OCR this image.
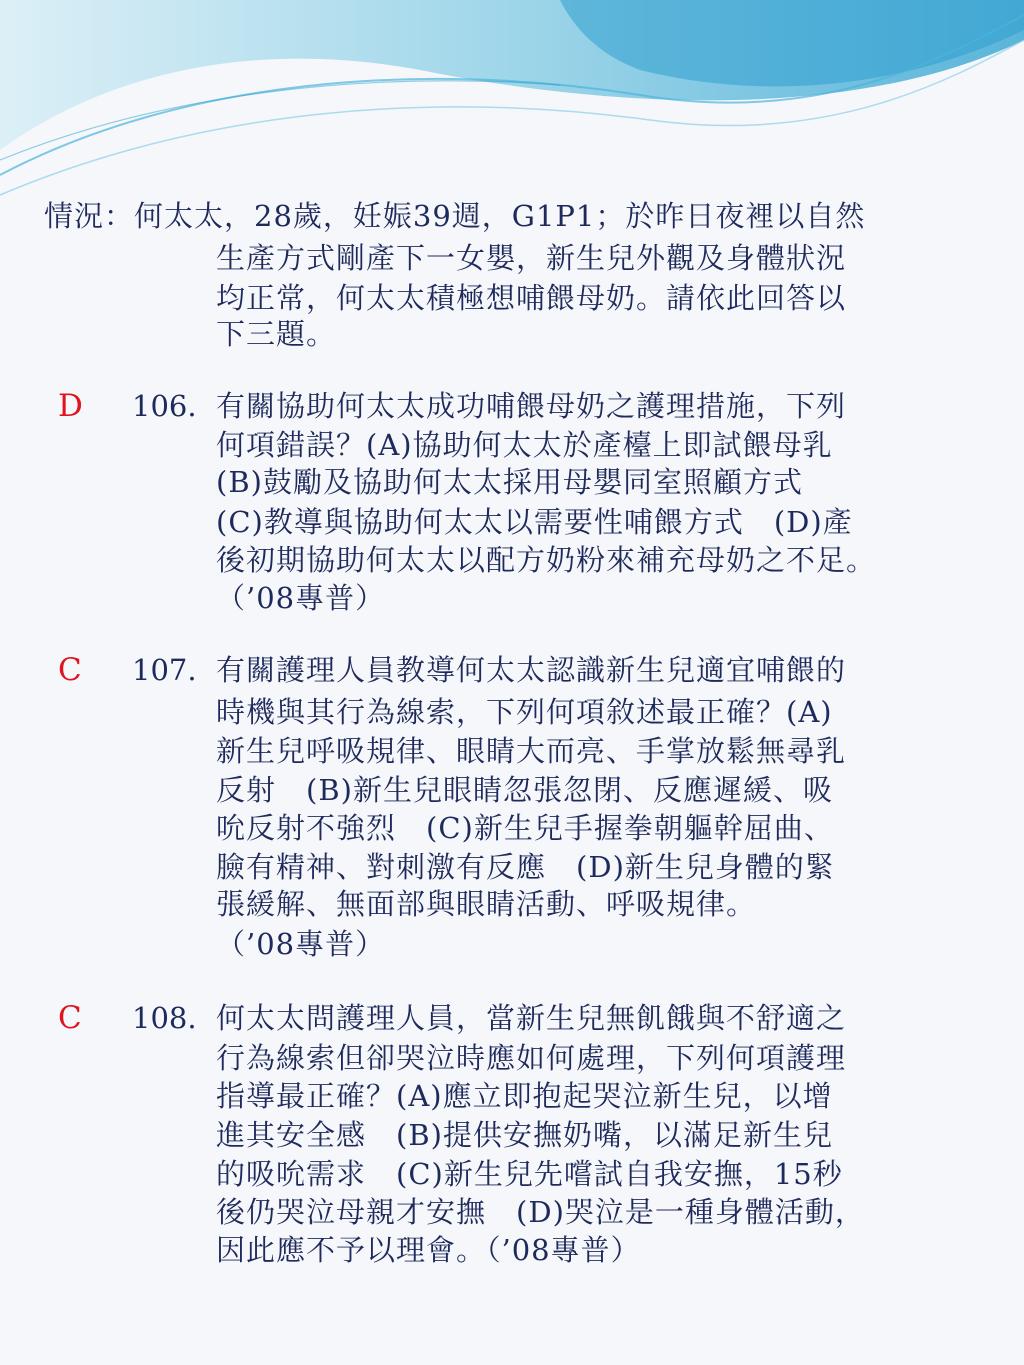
情況：何太太，28歲，妊娠39週，G1P1；於昨日夜裡以自然
生產方式剛產下一女嬰，新生兒外觀及身體狀況
均正常，何太太積極想哺餵母奶。請依此回答以
下三題。
D 106. 有關協助何太太成功哺餵母奶之護理措施，下列
何項錯誤？(A)協助何太太於產檯上即試餵母乳
(B)鼓勵及協助何太太採用母嬰同室照顧方式
(C)教導與協助何太太以需要性哺餵方式　(D)產
後初期協助何太太以配方奶粉來補充母奶之不足。
（’08專普）
C 107. 有關護理人員教導何太太認識新生兒適宜哺餵的
時機與其行為線索，下列何項敘述最正確？(A)
新生兒呼吸規律、眼睛大而亮、手掌放鬆無尋乳
反射　(B)新生兒眼睛忽張忽閉、反應遲緩、吸
吮反射不強烈　(C)新生兒手握拳朝軀幹屈曲、
臉有精神、對刺激有反應　(D)新生兒身體的緊
張緩解、無面部與眼睛活動、呼吸規律。
（’08專普）
C 108. 何太太問護理人員，當新生兒無飢餓與不舒適之
行為線索但卻哭泣時應如何處理，下列何項護理
指導最正確？(A)應立即抱起哭泣新生兒，以增
進其安全感　(B)提供安撫奶嘴，以滿足新生兒
的吸吮需求　(C)新生兒先嚐試自我安撫，15秒
後仍哭泣母親才安撫　(D)哭泣是一種身體活動，
因此應不予以理會。（’08專普）
